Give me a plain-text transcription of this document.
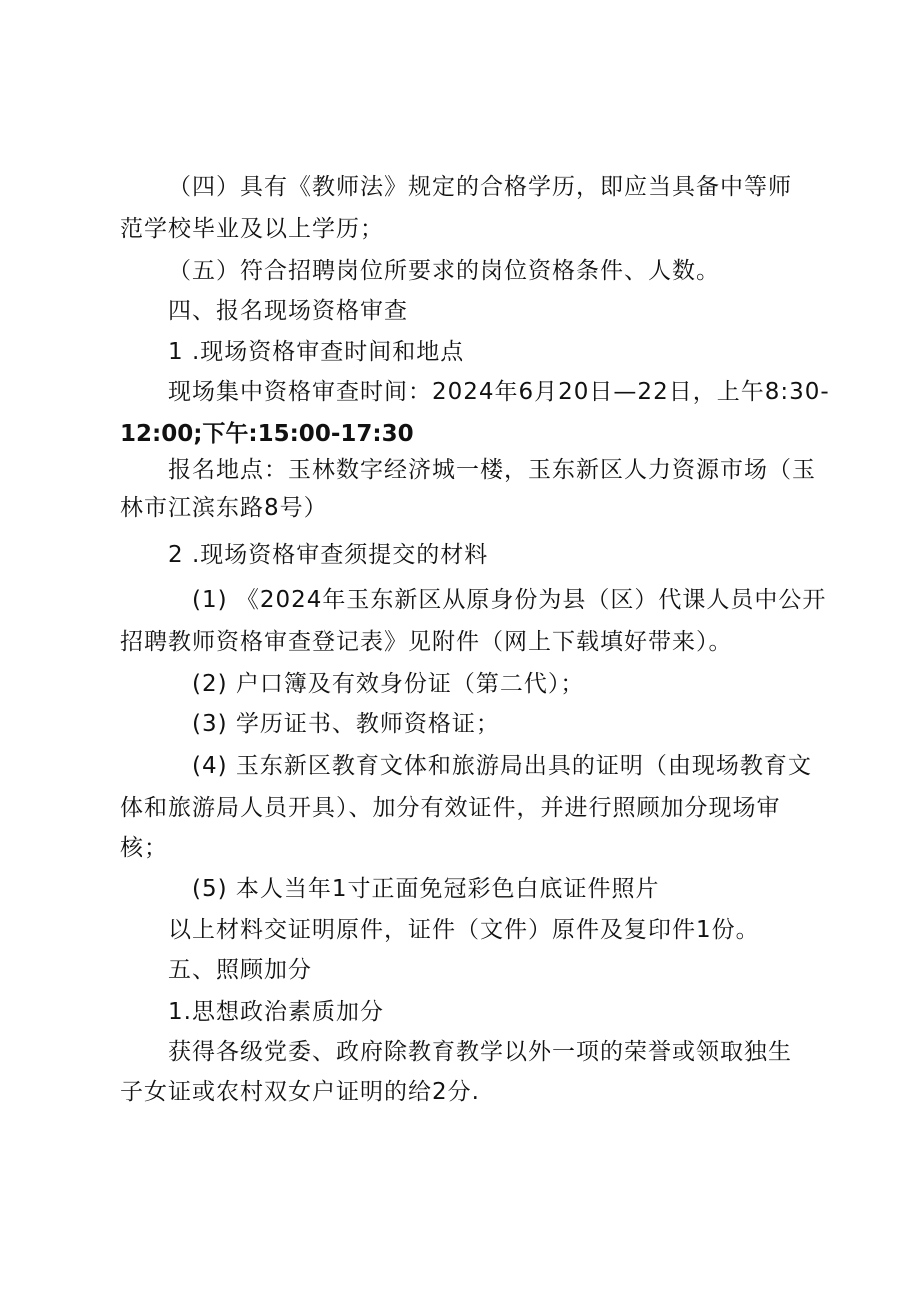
（四）具有《教师法》规定的合格学历，即应当具备中等师
范学校毕业及以上学历；
（五）符合招聘岗位所要求的岗位资格条件、人数。
四、报名现场资格审查
1 .现场资格审查时间和地点
现场集中资格审查时间：2024年6月20日—22日，上午8:30-
12:00;下午:15:00-17:30
报名地点：玉林数字经济城一楼，玉东新区人力资源市场（玉
林市江滨东路8号）
2 .现场资格审查须提交的材料
(1) 《2024年玉东新区从原身份为县（区）代课人员中公开
招聘教师资格审查登记表》见附件（网上下载填好带来）。
(2) 户口簿及有效身份证（第二代）；
(3) 学历证书、教师资格证；
(4) 玉东新区教育文体和旅游局出具的证明（由现场教育文
体和旅游局人员开具）、加分有效证件，并进行照顾加分现场审
核；
(5) 本人当年1寸正面免冠彩色白底证件照片
以上材料交证明原件，证件（文件）原件及复印件1份。
五、照顾加分
1.思想政治素质加分
获得各级党委、政府除教育教学以外一项的荣誉或领取独生
子女证或农村双女户证明的给2分.
